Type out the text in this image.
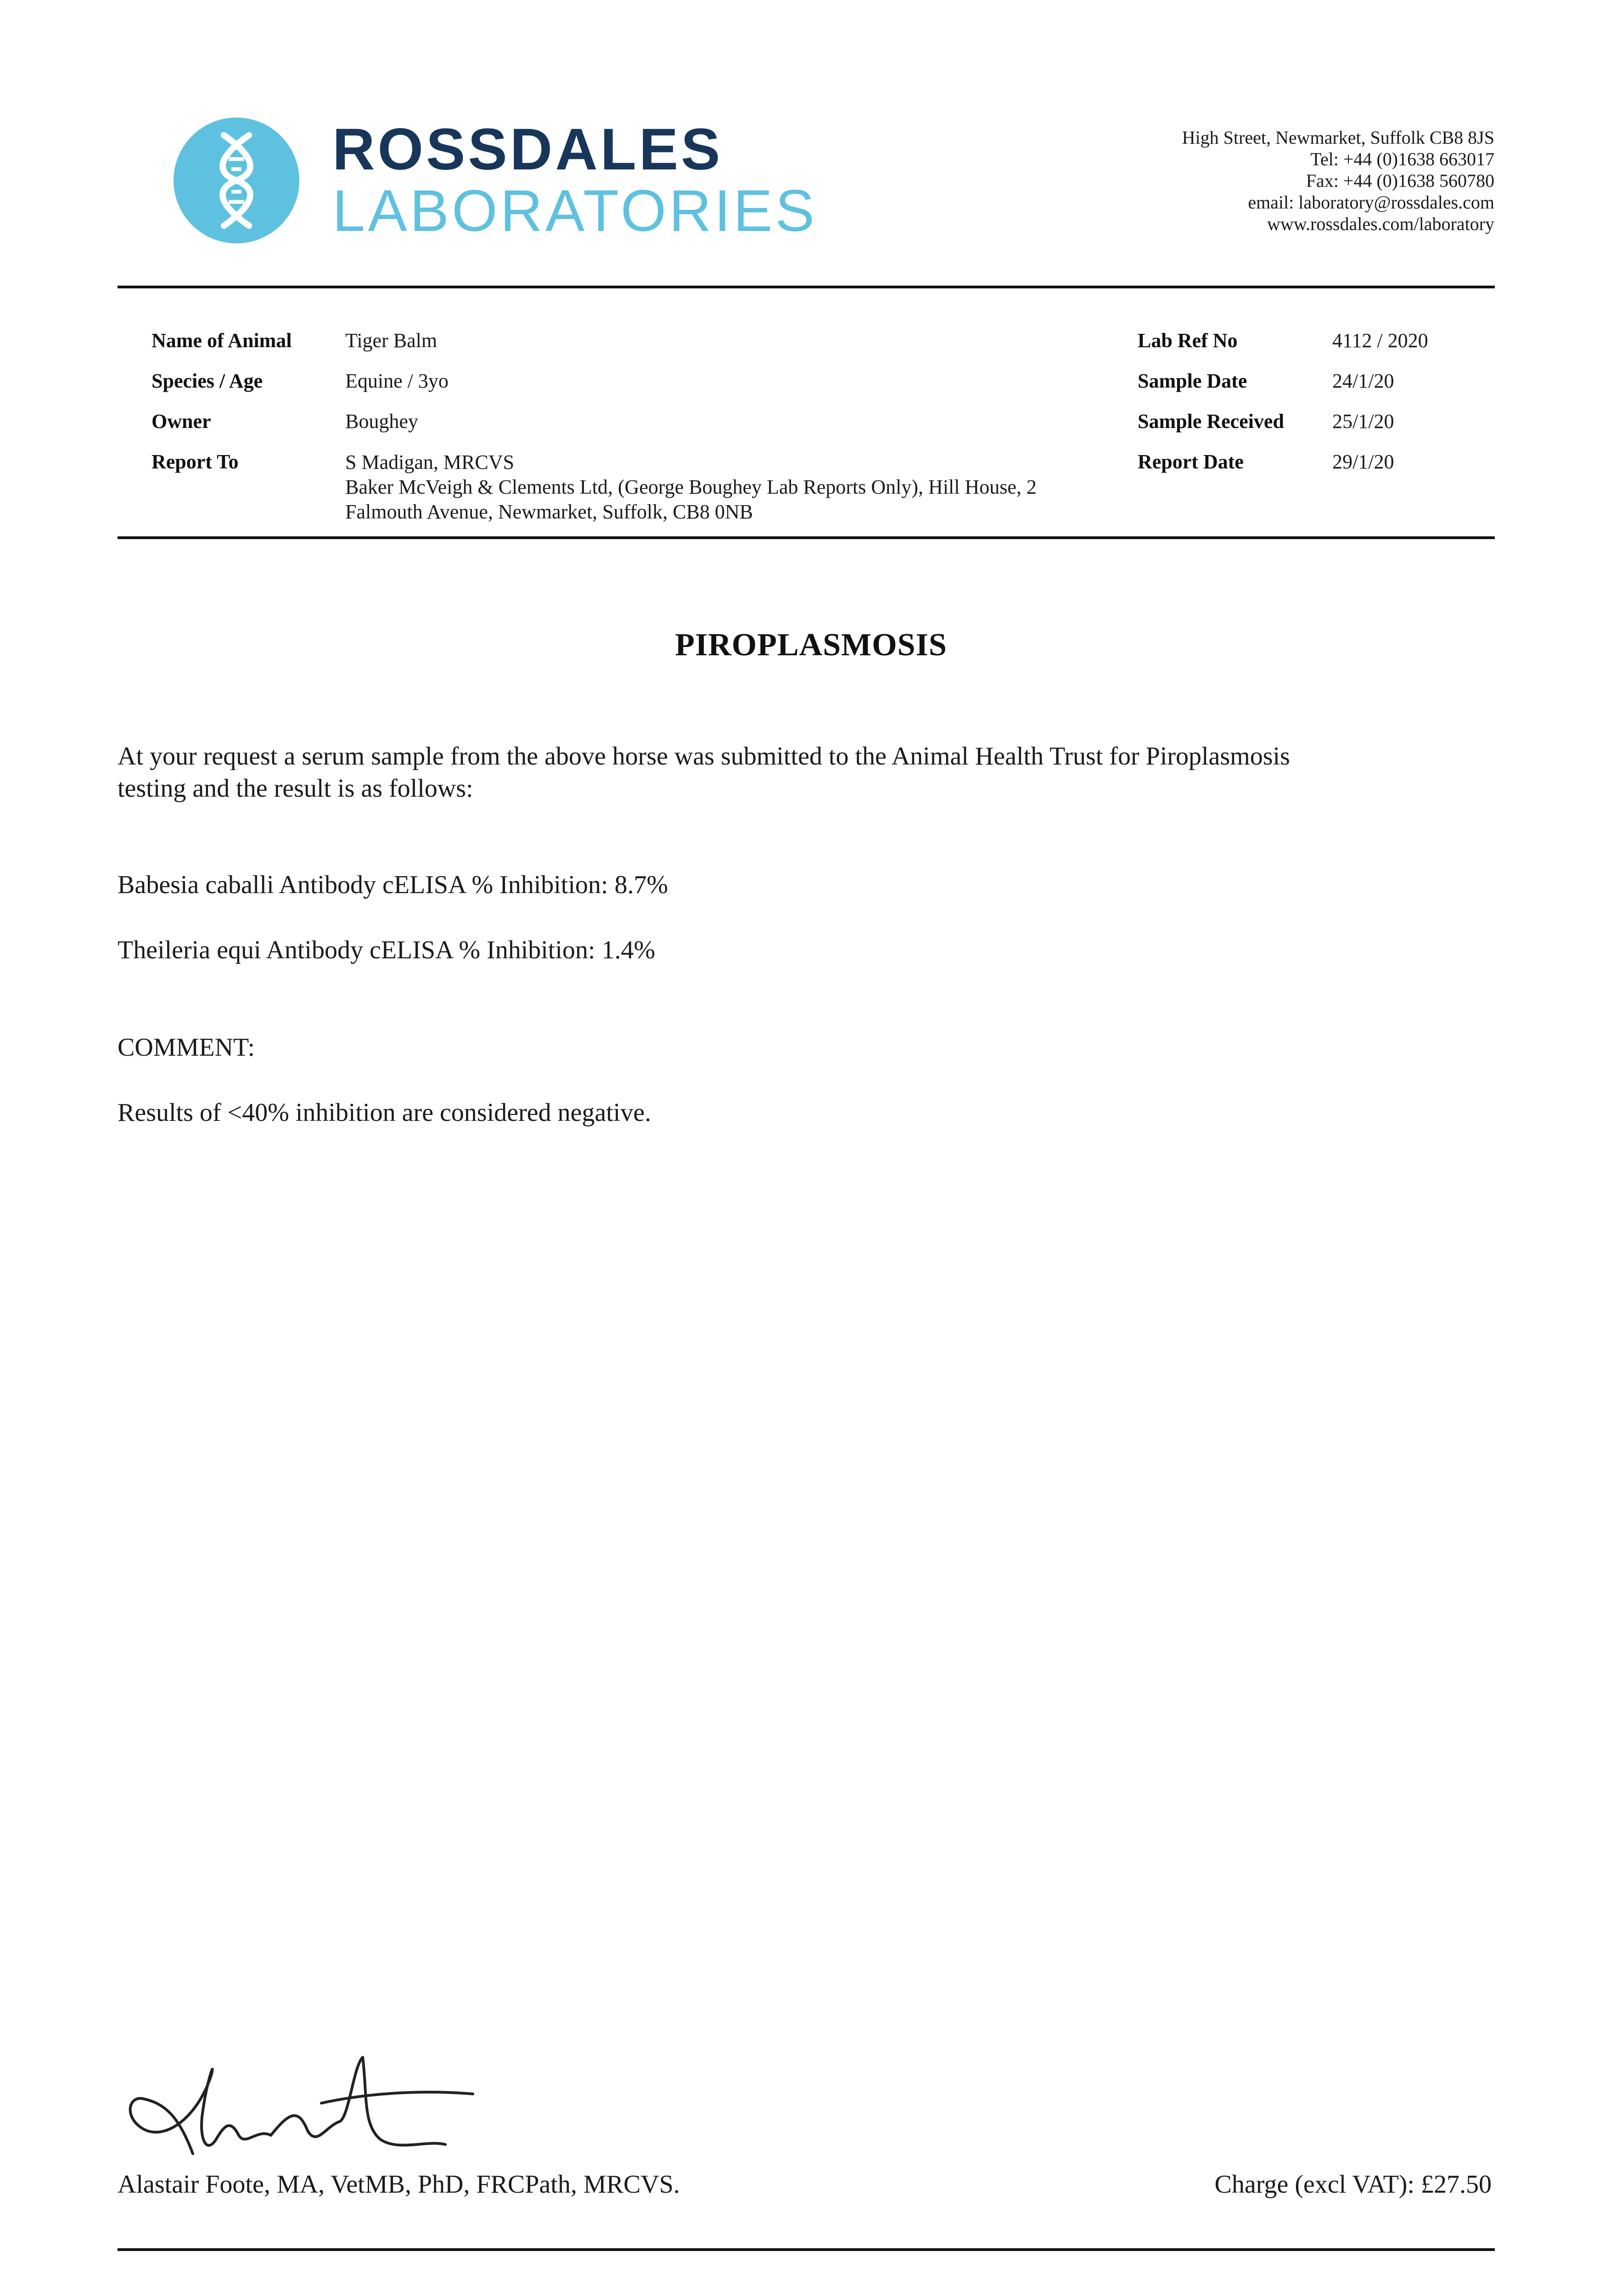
ROSSDALES
LABORATORIES
High Street, Newmarket, Suffolk CB8 8JS
Tel: +44 (0)1638 663017
Fax: +44 (0)1638 560780
email: laboratory@rossdales.com
www.rossdales.com/laboratory
Name of Animal	Tiger Balm
Species / Age	Equine / 3yo
Owner	Boughey
Report To	S Madigan, MRCVS
Baker McVeigh & Clements Ltd, (George Boughey Lab Reports Only), Hill House, 2
Falmouth Avenue, Newmarket, Suffolk, CB8 0NB
Lab Ref No	4112 / 2020
Sample Date	24/1/20
Sample Received 25/1/20
Report Date	29/1/20
PIROPLASMOSIS
At your request a serum sample from the above horse was submitted to the Animal Health Trust for Piroplasmosis
testing and the result is as follows:
Babesia caballi Antibody cELISA % Inhibition: 8.7%
Theileria equi Antibody cELISA % Inhibition: 1.4%
COMMENT:
Results of <40% inhibition are considered negative.
Alastair Foote, MA, VetMB, PhD, FRCPath, MRCVS.	Charge (excl VAT): £27.50
